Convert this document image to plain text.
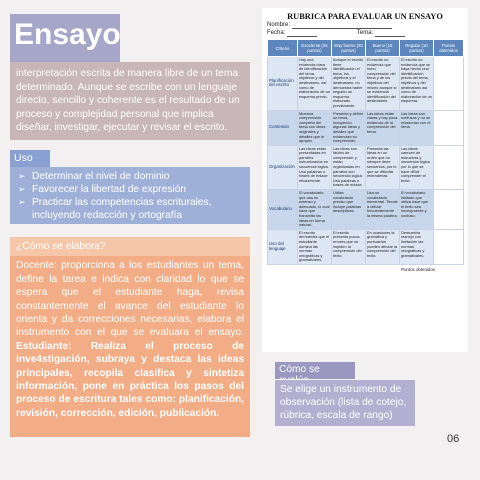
Ensayo
interpretación escrita de manera libre de un tema determinado. Aunque se escribe con un lenguaje directo, sencillo y coherente es el resultado de un proceso y complejidad personal que implica diseñar, investigar, ejecutar y revisar el escrito.
Uso
➢ Determinar el nivel de dominio
➢ Favorecer la libertad de expresión
➢ Practicar las competencias escriturales, incluyendo redacción y ortografía
¿Cómo se elabora?
Docente: proporciona a los estudiantes un tema, define la tarea e indica con claridad lo que se espera que el estudiante haga, revisa constantemente el avance del estudiante lo orienta y da correcciones necesarias, elabora el instrumento con el que se evaluara el ensayo. Estudiante: Realiza el proceso de inve4stigación, subraya y destaca las ideas principales, recopila clasifica y sintetiza información, pone en práctica los pasos del proceso de escritura tales como: planificación, revisión, corrección, edición, publicación.
Cómo se
Se elige un instrumento de observación (lista de cotejo, rúbrica, escala de rango)
06
RUBRICA PARA EVALUAR UN ENSAYO
Nombre:
Fecha:	Tema:
Criterio	Excelente (25 puntos)	Muy bueno (20 puntos)	Bueno (15 puntos)	Regular (10 puntos)	Puntos obtenidos
Planificación del escrito	Hay una evidencia clara de identificación del tema, objetivos y del destinatario, así como de elaboración de un esquema previo.	Aunque el escrito tiene identificación el tema, los objetivos y el destinatario, no demuestra haber seguido un esquema elaborado previamente.	El escrito no evidencia que hubo comprensión del tema y de los objetivos del mismo aunque sí se evidencia identificación del destinatario.	El escrito no evidencia que se haya hecho una identificación previa del tema, objetivos y del destinatario así como de elaboración de un esquema.	
Contenido	Muestra comprensión completa del tema con ideas originales y detalles que le apoyan.	Presenta y define un tema, incluyendo algunas ideas y detalles que evidencian su comprensión.	Las ideas están claras y hay poca evidencia de la comprensión del tema.	Las ideas son confusas y no se relacionan con el tema.	
Organización	Las ideas están presentadas en párrafos estructurados en secuencia lógica. Usa palabras o frases de enlace eficazmente.	Las ideas son fáciles de comprender y están organizadas en párrafos con secuencia lógica. Usa palabras o frases de enlace.	Presenta las ideas en un orden que no siempre tiene secuencia, por lo que se dificulta entenderlas.	Las ideas carecen de estructura y secuencia lógica por lo que se hace difícil comprender el texto.	
Vocabulario	El vocabulario que usa es extenso y adecuado, lo cual hace que transmita las ideas en forma natural.	Utiliza vocabulario preciso que incluye palabras descriptivas.	Usa un vocabulario elemental. Tiende a utilizar frecuentemente la misma palabra.	El vocabulario limitado que utiliza hace que el texto sea incongruente y confuso.	
Uso del lenguaje	El escrito demuestra que el estudiante domina las normas ortográficas y gramaticales.	El escrito presenta pocos errores que no impiden la comprensión del texto.	En ocasiones la gramática y puntuación pueden afectar la comprensión del texto.	Demuestra manejo con limitación las normas ortográficas y gramaticales.	
Puntos obtenidos
